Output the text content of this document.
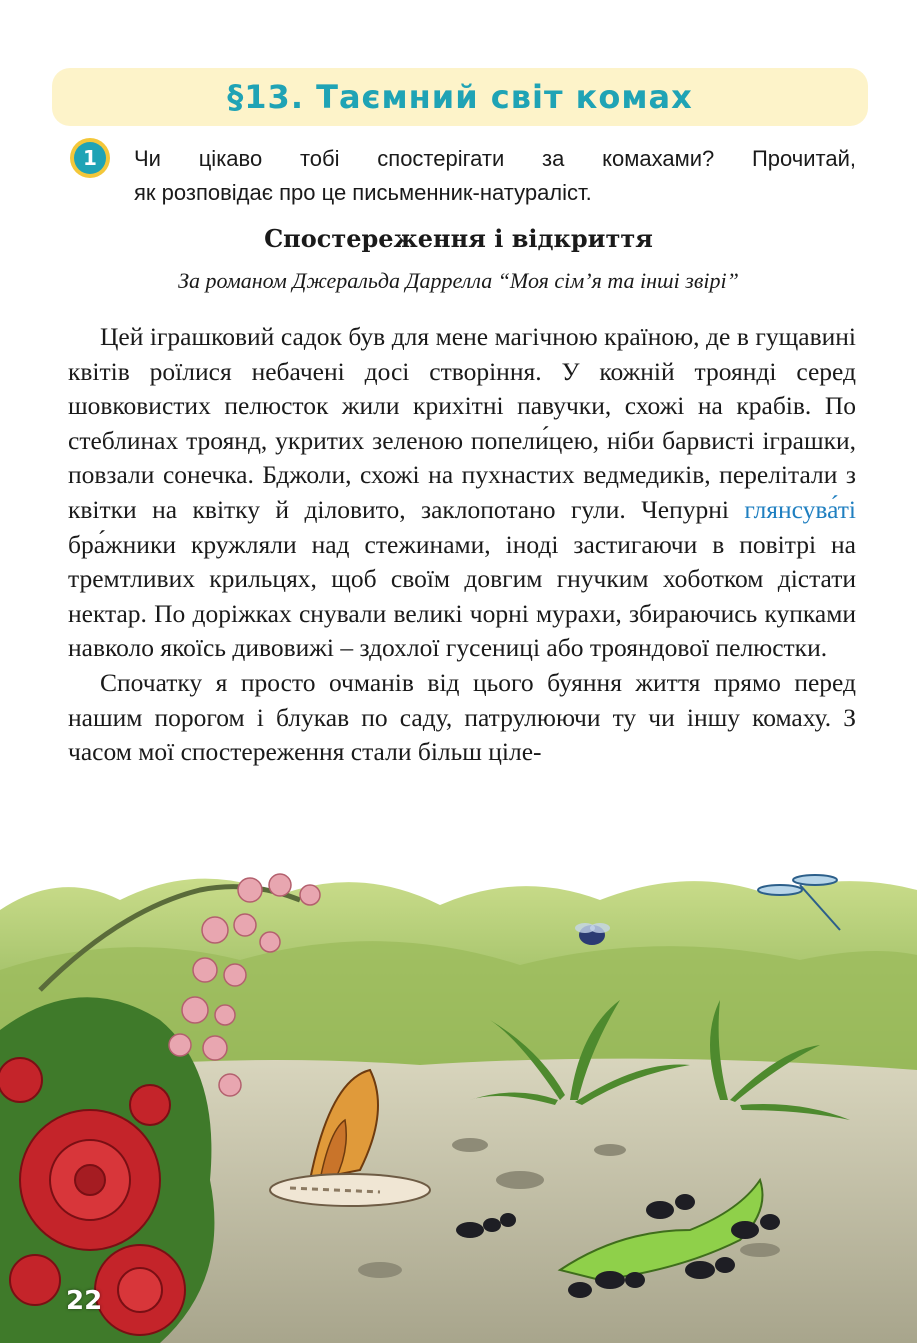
§13. Таємний світ комах
1	Чи цікаво тобі спостерігати за комахами? Прочитай,
як розповідає про це письменник-натураліст.
Спостереження і відкриття
За романом Джеральда Даррелла “Моя сім’я та інші звірі”

Цей іграшковий садок був для мене магічною країною, де в гущавині квітів роїлися небачені досі створіння. У кожній троянді серед шовковистих пелюсток жили крихітні павучки, схожі на крабів. По стеблинах троянд, укритих зеленою попели́цею, ніби барвисті іграшки, повзали сонечка. Бджоли, схожі на пухнастих ведмедиків, перелітали з квітки на квітку й діловито, заклопотано гули. Чепурні глянсува́ті бра́жники кружляли над стежинами, іноді застигаючи в повітрі на тремтливих крильцях, щоб своїм довгим гнучким хоботком дістати нектар. По доріжках снували великі чорні мурахи, збираючись купками навколо якоїсь дивовижі – здохлої гусениці або трояндової пелюстки.

Спочатку я просто очманів від цього буяння життя прямо перед нашим порогом і блукав по саду, патрулюючи ту чи іншу комаху. З часом мої спостереження стали більш ціле-

22
